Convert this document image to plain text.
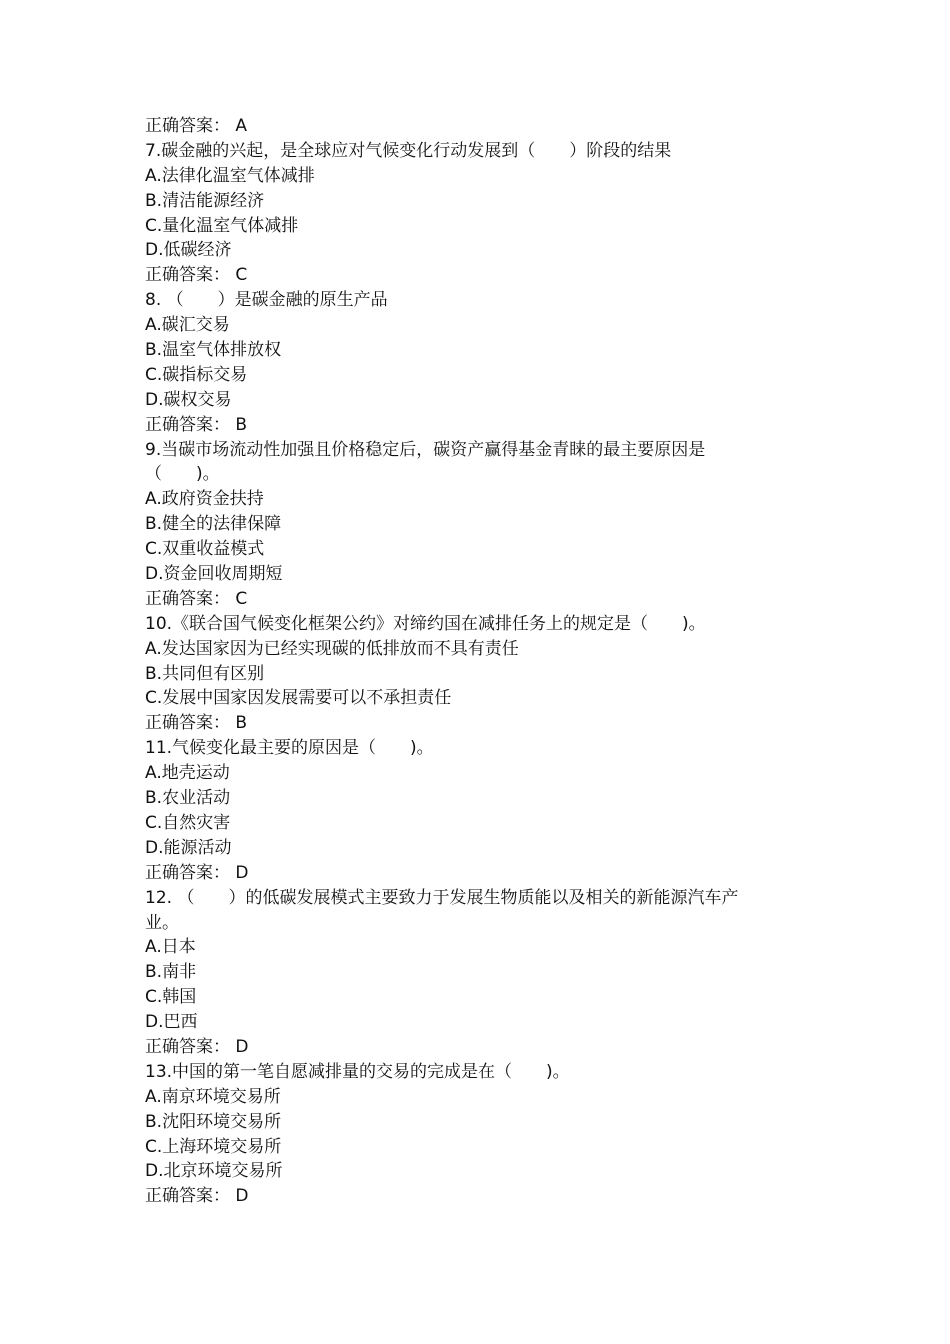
正确答案： A
7.碳金融的兴起，是全球应对气候变化行动发展到（　　）阶段的结果
A.法律化温室气体减排
B.清洁能源经济
C.量化温室气体减排
D.低碳经济
正确答案： C
8. （　　）是碳金融的原生产品
A.碳汇交易
B.温室气体排放权
C.碳指标交易
D.碳权交易
正确答案： B
9.当碳市场流动性加强且价格稳定后，碳资产赢得基金青睐的最主要原因是
（　　)。
A.政府资金扶持
B.健全的法律保障
C.双重收益模式
D.资金回收周期短
正确答案： C
10.《联合国气候变化框架公约》对缔约国在减排任务上的规定是（　　)。
A.发达国家因为已经实现碳的低排放而不具有责任
B.共同但有区别
C.发展中国家因发展需要可以不承担责任
正确答案： B
11.气候变化最主要的原因是（　　)。
A.地壳运动
B.农业活动
C.自然灾害
D.能源活动
正确答案： D
12. （　　）的低碳发展模式主要致力于发展生物质能以及相关的新能源汽车产
业。
A.日本
B.南非
C.韩国
D.巴西
正确答案： D
13.中国的第一笔自愿减排量的交易的完成是在（　　)。
A.南京环境交易所
B.沈阳环境交易所
C.上海环境交易所
D.北京环境交易所
正确答案： D
